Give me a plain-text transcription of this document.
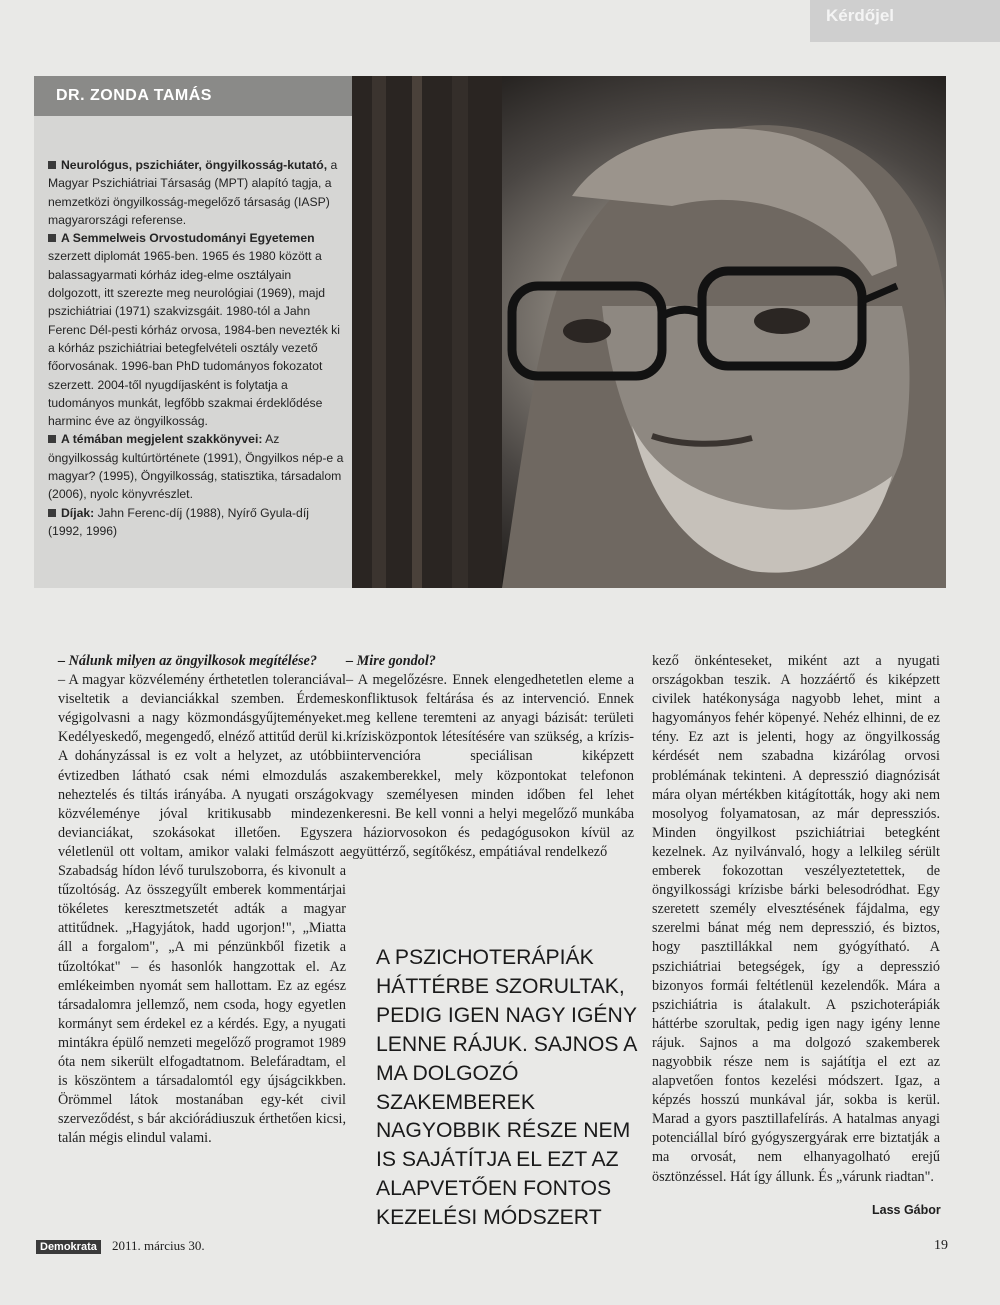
Kérdőjel
DR. ZONDA TAMÁS

Neurológus, pszichiáter, öngyilkosság-kutató, a Magyar Pszichiátriai Társaság (MPT) alapító tagja, a nemzetközi öngyilkosság-megelőző társaság (IASP) magyarországi referense.

A Semmelweis Orvostudományi Egyetemen szerzett diplomát 1965-ben. 1965 és 1980 között a balassagyarmati kórház ideg-elme osztályain dolgozott, itt szerezte meg neurológiai (1969), majd pszichiátriai (1971) szakvizsgáit. 1980-tól a Jahn Ferenc Dél-pesti kórház orvosa, 1984-ben nevezték ki a kórház pszichiátriai betegfelvételi osztály vezető főorvosának. 1996-ban PhD tudományos fokozatot szerzett. 2004-től nyugdíjasként is folytatja a tudományos munkát, legfőbb szakmai érdeklődése harminc éve az öngyilkosság.

A témában megjelent szakkönyvei: Az öngyilkosság kultúrtörténete (1991), Öngyilkos nép-e a magyar? (1995), Öngyilkosság, statisztika, társadalom (2006), nyolc könyvrészlet.

Díjak: Jahn Ferenc-díj (1988), Nyírő Gyula-díj (1992, 1996)

– Nálunk milyen az öngyilkosok megítélése?

– A magyar közvélemény érthetetlen toleranciával viseltetik a devianciákkal szemben. Érdemes végigolvasni a nagy közmondásgyűjteményeket. Kedélyeskedő, megengedő, elnéző attitűd derül ki. A dohányzással is ez volt a helyzet, az utóbbi évtizedben látható csak némi elmozdulás a neheztelés és tiltás irányába. A nyugati országok közvéleménye jóval kritikusabb mindezen devianciákat, szokásokat illetően. Egyszer véletlenül ott voltam, amikor valaki felmászott a Szabadság hídon lévő turulszoborra, és kivonult a tűzoltóság. Az összegyűlt emberek kommentárjai tökéletes keresztmetszetét adták a magyar attitűdnek. „Hagyjátok, hadd ugorjon!", „Miatta áll a forgalom", „A mi pénzünkből fizetik a tűzoltókat" – és hasonlók hangzottak el. Az emlékeimben nyomát sem hallottam. Ez az egész társadalomra jellemző, nem csoda, hogy egyetlen kormányt sem érdekel ez a kérdés. Egy, a nyugati mintákra épülő nemzeti megelőző programot 1989 óta nem sikerült elfogadtatnom. Belefáradtam, el is köszöntem a társadalomtól egy újságcikkben. Örömmel látok mostanában egy-két civil szerveződést, s bár akciórádiuszuk érthetően kicsi, talán mégis elindul valami.

– Mire gondol?

– A megelőzésre. Ennek elengedhetetlen eleme a konfliktusok feltárása és az intervenció. Ennek meg kellene teremteni az anyagi bázisát: területi krízisközpontok létesítésére van szükség, a krízis-intervencióra speciálisan kiképzett szakemberekkel, mely központokat telefonon vagy személyesen minden időben fel lehet keresni. Be kell vonni a helyi megelőző munkába a háziorvosokon és pedagógusokon kívül az együttérző, segítőkész, empátiával rendelkező

A PSZICHOTERÁPIÁK HÁTTÉRBE SZORULTAK, PEDIG IGEN NAGY IGÉNY LENNE RÁJUK. SAJNOS A MA DOLGOZÓ SZAKEMBEREK NAGYOBBIK RÉSZE NEM IS SAJÁTÍTJA EL EZT AZ ALAPVETŐEN FONTOS KEZELÉSI MÓDSZERT

kező önkénteseket, miként azt a nyugati országokban teszik. A hozzáértő és kiképzett civilek hatékonysága nagyobb lehet, mint a hagyományos fehér köpenyé. Nehéz elhinni, de ez tény. Ez azt is jelenti, hogy az öngyilkosság kérdését nem szabadna kizárólag orvosi problémának tekinteni. A depresszió diagnózisát mára olyan mértékben kitágították, hogy aki nem mosolyog folyamatosan, az már depressziós. Minden öngyilkost pszichiátriai betegként kezelnek. Az nyilvánvaló, hogy a lelkileg sérült emberek fokozottan veszélyeztetettek, de öngyilkossági krízisbe bárki belesodródhat. Egy szeretett személy elvesztésének fájdalma, egy szerelmi bánat még nem depresszió, és biztos, hogy pasztillákkal nem gyógyítható. A pszichiátriai betegségek, így a depresszió bizonyos formái feltétlenül kezelendők. Mára a pszichiátria is átalakult. A pszichoterápiák háttérbe szorultak, pedig igen nagy igény lenne rájuk. Sajnos a ma dolgozó szakemberek nagyobbik része nem is sajátítja el ezt az alapvetően fontos kezelési módszert. Igaz, a képzés hosszú munkával jár, sokba is kerül. Marad a gyors pasztillafelírás. A hatalmas anyagi potenciállal bíró gyógyszergyárak erre biztatják a ma orvosát, nem elhanyagolható erejű ösztönzéssel. Hát így állunk. És „várunk riadtan".

Lass Gábor
Demokrata	2011. március 30.	19
